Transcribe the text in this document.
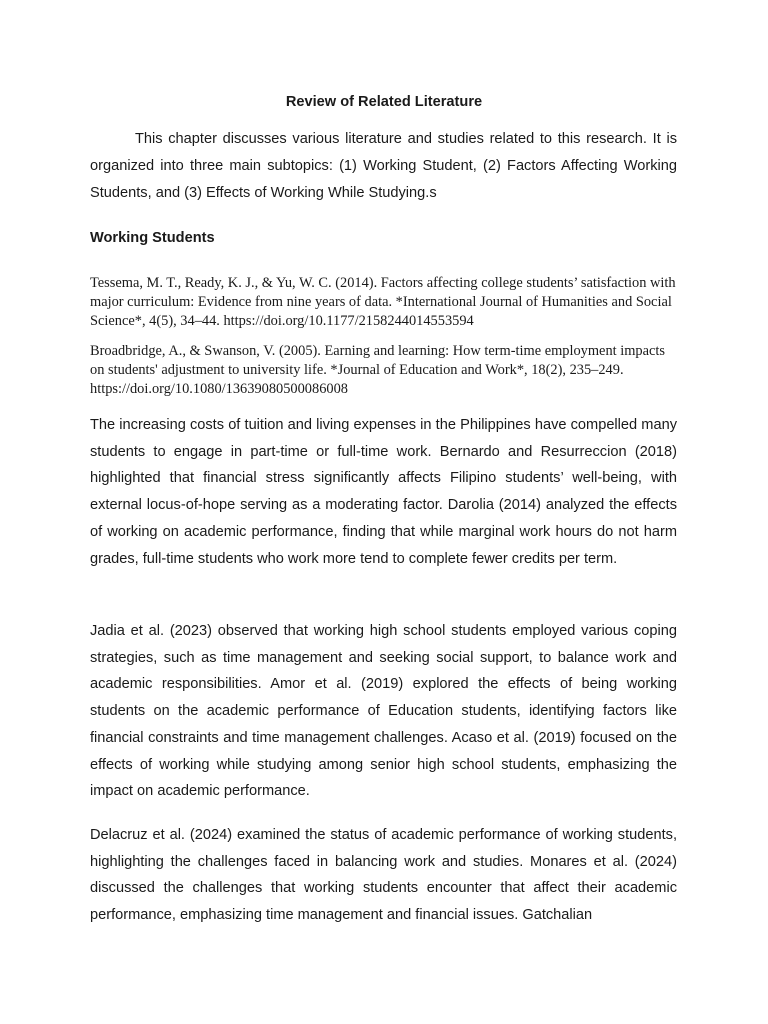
Review of Related Literature

This chapter discusses various literature and studies related to this research. It is organized into three main subtopics: (1) Working Student, (2) Factors Affecting Working Students, and (3) Effects of Working While Studying.s

Working Students

Tessema, M. T., Ready, K. J., & Yu, W. C. (2014). Factors affecting college students’ satisfaction with major curriculum: Evidence from nine years of data. *International Journal of Humanities and Social Science*, 4(5), 34–44. https://doi.org/10.1177/2158244014553594

Broadbridge, A., & Swanson, V. (2005). Earning and learning: How term-time employment impacts on students' adjustment to university life. *Journal of Education and Work*, 18(2), 235–249. https://doi.org/10.1080/13639080500086008

The increasing costs of tuition and living expenses in the Philippines have compelled many students to engage in part-time or full-time work. Bernardo and Resurreccion (2018) highlighted that financial stress significantly affects Filipino students’ well-being, with external locus-of-hope serving as a moderating factor. Darolia (2014) analyzed the effects of working on academic performance, finding that while marginal work hours do not harm grades, full-time students who work more tend to complete fewer credits per term.

Jadia et al. (2023) observed that working high school students employed various coping strategies, such as time management and seeking social support, to balance work and academic responsibilities. Amor et al. (2019) explored the effects of being working students on the academic performance of Education students, identifying factors like financial constraints and time management challenges. Acaso et al. (2019) focused on the effects of working while studying among senior high school students, emphasizing the impact on academic performance.

Delacruz et al. (2024) examined the status of academic performance of working students, highlighting the challenges faced in balancing work and studies. Monares et al. (2024) discussed the challenges that working students encounter that affect their academic performance, emphasizing time management and financial issues. Gatchalian
